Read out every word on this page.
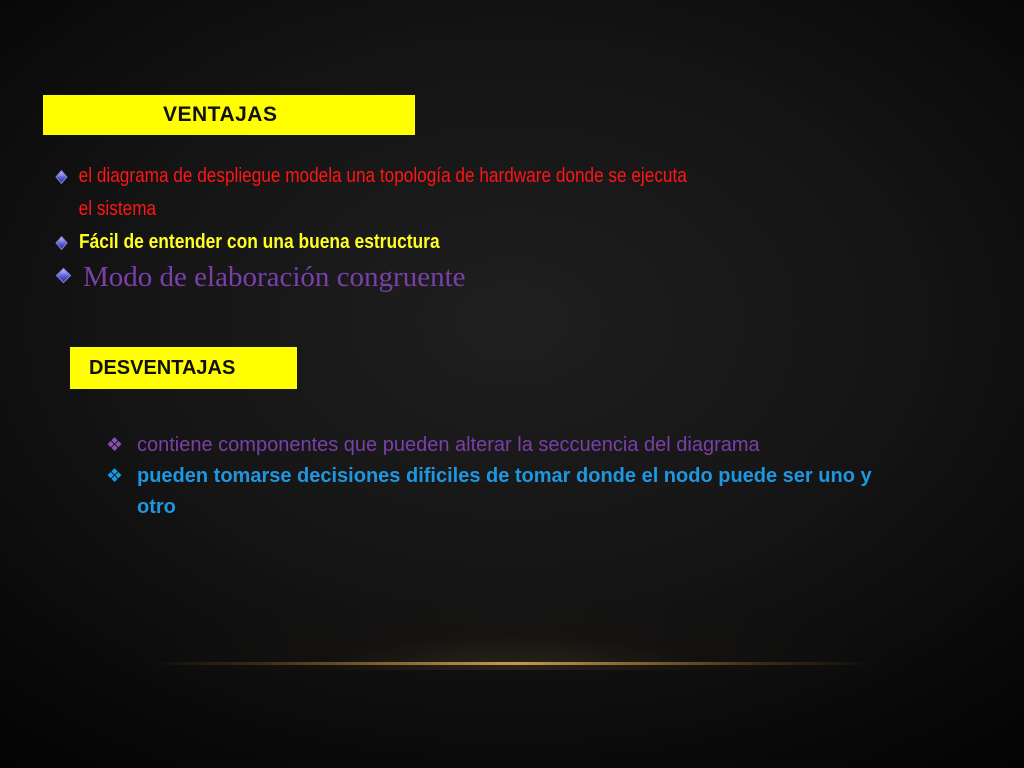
VENTAJAS
el diagrama de despliegue modela una topología de hardware donde se ejecuta el sistema
Fácil de entender con una buena estructura
Modo de elaboración congruente
DESVENTAJAS
❖ contiene componentes que pueden alterar la seccuencia del diagrama
❖ pueden tomarse decisiones dificiles de tomar donde el nodo puede ser uno y otro
